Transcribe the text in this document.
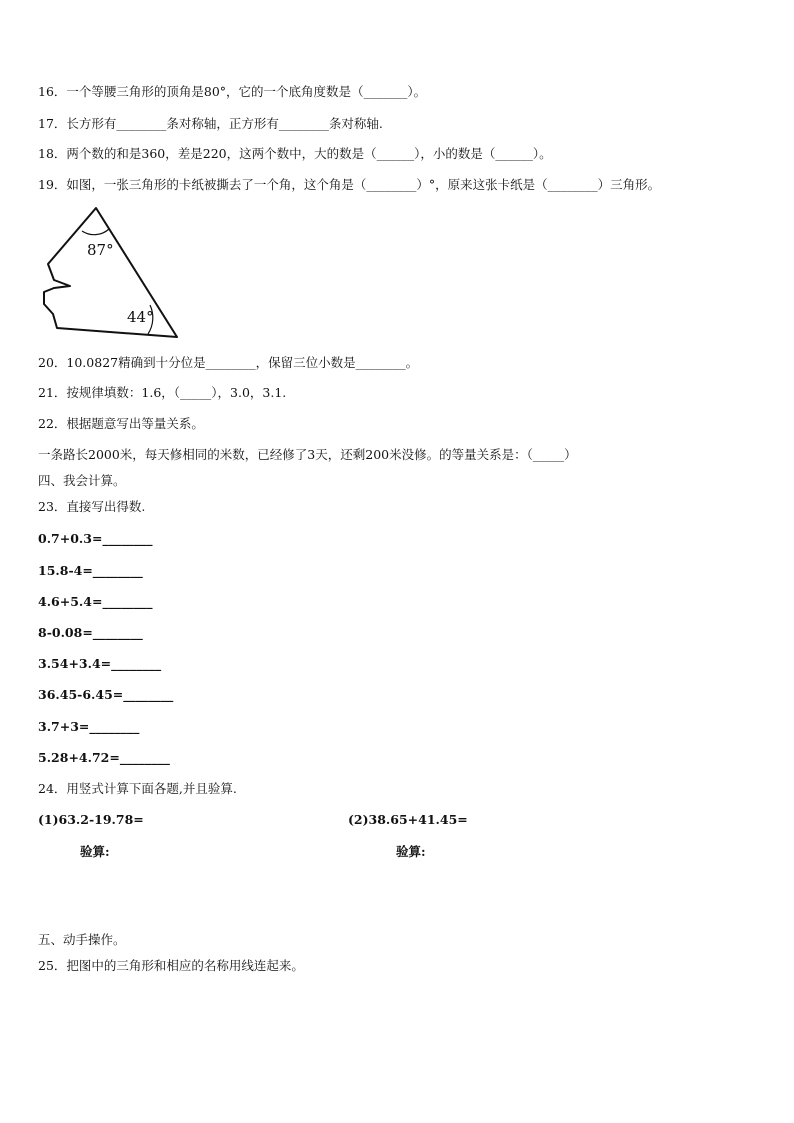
16．一个等腰三角形的顶角是80°，它的一个底角度数是（_______）。
17．长方形有________条对称轴，正方形有________条对称轴.
18．两个数的和是360，差是220，这两个数中，大的数是（______），小的数是（______）。
19．如图，一张三角形的卡纸被撕去了一个角，这个角是（________）°，原来这张卡纸是（________）三角形。
87°
44°
20．10.0827精确到十分位是________，保留三位小数是________。
21．按规律填数：1.6，（_____），3.0，3.1.
22．根据题意写出等量关系。
一条路长2000米，每天修相同的米数，已经修了3天，还剩200米没修。的等量关系是：（_____）
四、我会计算。
23．直接写出得数.
0.7+0.3=________
15.8-4=________
4.6+5.4=________
8-0.08=________
3.54+3.4=________
36.45-6.45=________
3.7+3=________
5.28+4.72=________
24．用竖式计算下面各题,并且验算.
(1)63.2-19.78=	(2)38.65+41.45=
验算:	验算:
五、动手操作。
25．把图中的三角形和相应的名称用线连起来。
